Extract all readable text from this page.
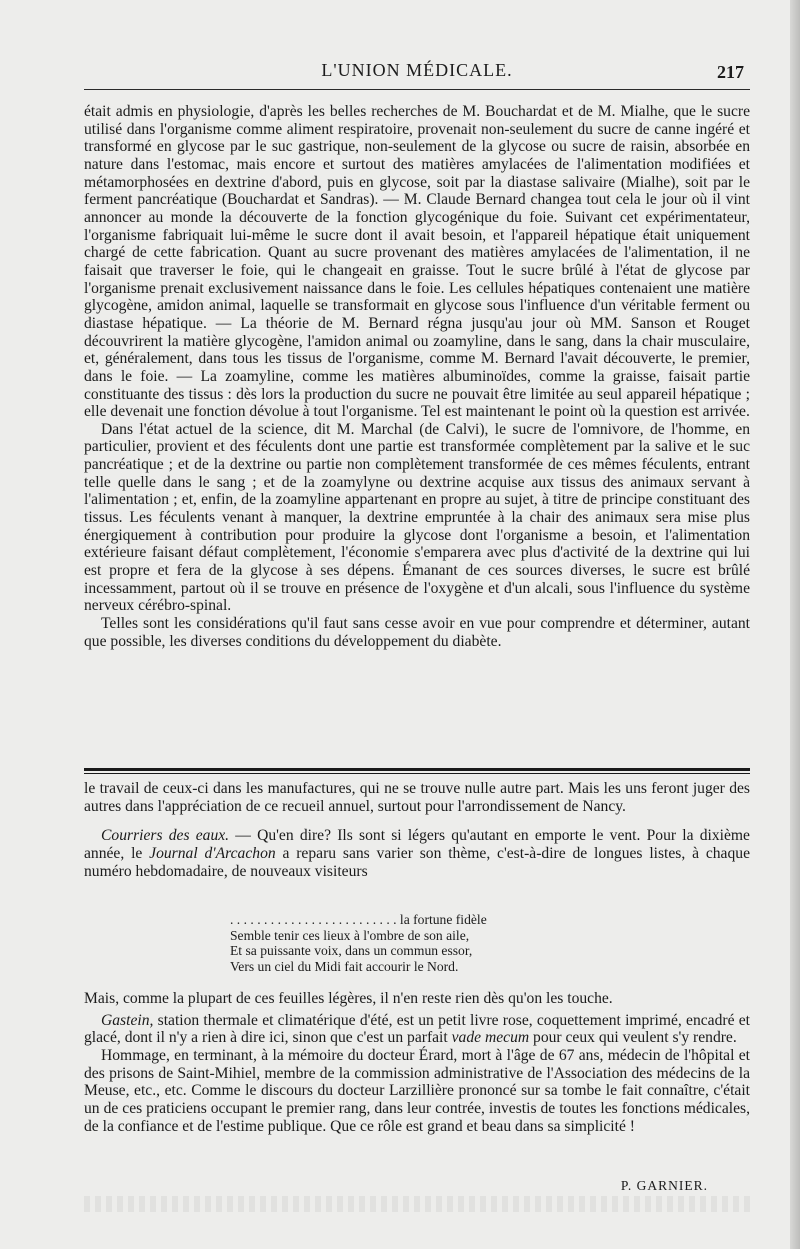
L'UNION MÉDICALE.	217

était admis en physiologie, d'après les belles recherches de M. Bouchardat et de M. Mialhe, que le sucre utilisé dans l'organisme comme aliment respiratoire, provenait non-seulement du sucre de canne ingéré et transformé en glycose par le suc gastrique, non-seulement de la glycose ou sucre de raisin, absorbée en nature dans l'estomac, mais encore et surtout des matières amylacées de l'alimentation modifiées et métamorphosées en dextrine d'abord, puis en glycose, soit par la diastase salivaire (Mialhe), soit par le ferment pancréatique (Bouchardat et Sandras). — M. Claude Bernard changea tout cela le jour où il vint annoncer au monde la découverte de la fonction glycogénique du foie. Suivant cet expérimentateur, l'organisme fabriquait lui-même le sucre dont il avait besoin, et l'appareil hépatique était uniquement chargé de cette fabrication. Quant au sucre provenant des matières amylacées de l'alimentation, il ne faisait que traverser le foie, qui le changeait en graisse. Tout le sucre brûlé à l'état de glycose par l'organisme prenait exclusivement naissance dans le foie. Les cellules hépatiques contenaient une matière glycogène, amidon animal, laquelle se transformait en glycose sous l'influence d'un véritable ferment ou diastase hépatique. — La théorie de M. Bernard régna jusqu'au jour où MM. Sanson et Rouget découvrirent la matière glycogène, l'amidon animal ou zoamyline, dans le sang, dans la chair musculaire, et, généralement, dans tous les tissus de l'organisme, comme M. Bernard l'avait découverte, le premier, dans le foie. — La zoamyline, comme les matières albuminoïdes, comme la graisse, faisait partie constituante des tissus : dès lors la production du sucre ne pouvait être limitée au seul appareil hépatique ; elle devenait une fonction dévolue à tout l'organisme. Tel est maintenant le point où la question est arrivée.

Dans l'état actuel de la science, dit M. Marchal (de Calvi), le sucre de l'omnivore, de l'homme, en particulier, provient et des féculents dont une partie est transformée complètement par la salive et le suc pancréatique ; et de la dextrine ou partie non complètement transformée de ces mêmes féculents, entrant telle quelle dans le sang ; et de la zoamylyne ou dextrine acquise aux tissus des animaux servant à l'alimentation ; et, enfin, de la zoamyline appartenant en propre au sujet, à titre de principe constituant des tissus. Les féculents venant à manquer, la dextrine empruntée à la chair des animaux sera mise plus énergiquement à contribution pour produire la glycose dont l'organisme a besoin, et l'alimentation extérieure faisant défaut complètement, l'économie s'emparera avec plus d'activité de la dextrine qui lui est propre et fera de la glycose à ses dépens. Émanant de ces sources diverses, le sucre est brûlé incessamment, partout où il se trouve en présence de l'oxygène et d'un alcali, sous l'influence du système nerveux cérébro-spinal.

Telles sont les considérations qu'il faut sans cesse avoir en vue pour comprendre et déterminer, autant que possible, les diverses conditions du développement du diabète.

le travail de ceux-ci dans les manufactures, qui ne se trouve nulle autre part. Mais les uns feront juger des autres dans l'appréciation de ce recueil annuel, surtout pour l'arrondissement de Nancy.

Courriers des eaux. — Qu'en dire? Ils sont si légers qu'autant en emporte le vent. Pour la dixième année, le Journal d'Arcachon a reparu sans varier son thème, c'est-à-dire de longues listes, à chaque numéro hebdomadaire, de nouveaux visiteurs

. . . . . . . . . . . . . . . . . . . . . . . . . la fortune fidèle
Semble tenir ces lieux à l'ombre de son aile,
Et sa puissante voix, dans un commun essor,
Vers un ciel du Midi fait accourir le Nord.

Mais, comme la plupart de ces feuilles légères, il n'en reste rien dès qu'on les touche.

Gastein, station thermale et climatérique d'été, est un petit livre rose, coquettement imprimé, encadré et glacé, dont il n'y a rien à dire ici, sinon que c'est un parfait vade mecum pour ceux qui veulent s'y rendre.

Hommage, en terminant, à la mémoire du docteur Érard, mort à l'âge de 67 ans, médecin de l'hôpital et des prisons de Saint-Mihiel, membre de la commission administrative de l'Association des médecins de la Meuse, etc., etc. Comme le discours du docteur Larzillière prononcé sur sa tombe le fait connaître, c'était un de ces praticiens occupant le premier rang, dans leur contrée, investis de toutes les fonctions médicales, de la confiance et de l'estime publique. Que ce rôle est grand et beau dans sa simplicité !

P. GARNIER.
